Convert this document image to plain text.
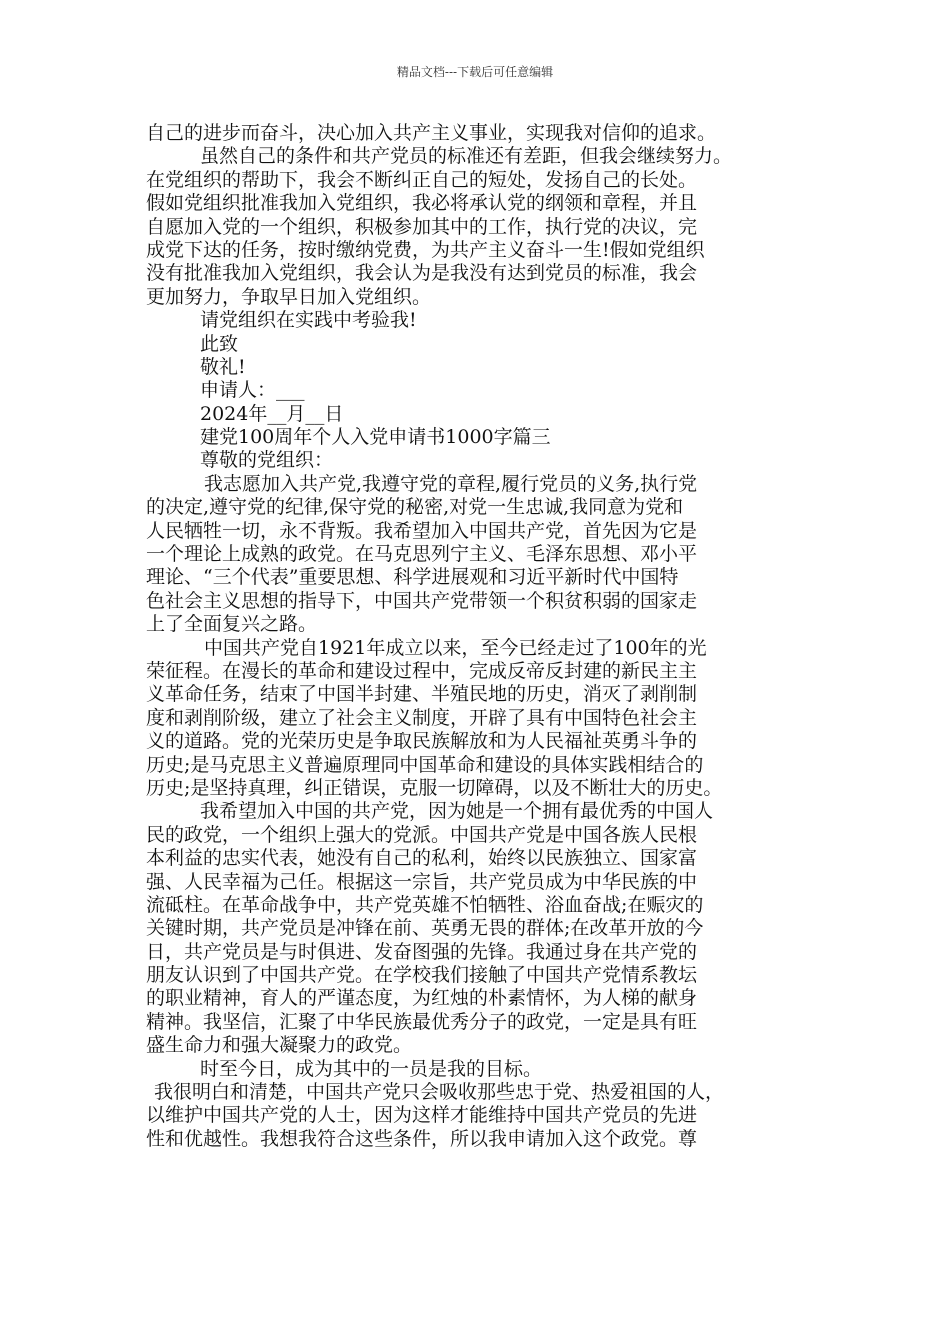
精品文档---下载后可任意编辑
自己的进步而奋斗，决心加入共产主义事业，实现我对信仰的追求。
虽然自己的条件和共产党员的标准还有差距，但我会继续努力。
在党组织的帮助下，我会不断纠正自己的短处，发扬自己的长处。
假如党组织批准我加入党组织，我必将承认党的纲领和章程，并且
自愿加入党的一个组织，积极参加其中的工作，执行党的决议，完
成党下达的任务，按时缴纳党费，为共产主义奋斗一生!假如党组织
没有批准我加入党组织，我会认为是我没有达到党员的标准，我会
更加努力，争取早日加入党组织。
请党组织在实践中考验我!
此致
敬礼!
申请人：___
2024年__月__日
建党100周年个人入党申请书1000字篇三
尊敬的党组织：
我志愿加入共产党,我遵守党的章程,履行党员的义务,执行党
的决定,遵守党的纪律,保守党的秘密,对党一生忠诚,我同意为党和
人民牺牲一切，永不背叛。我希望加入中国共产党，首先因为它是
一个理论上成熟的政党。在马克思列宁主义、毛泽东思想、邓小平
理论、“三个代表”重要思想、科学进展观和习近平新时代中国特
色社会主义思想的指导下，中国共产党带领一个积贫积弱的国家走
上了全面复兴之路。
中国共产党自1921年成立以来，至今已经走过了100年的光
荣征程。在漫长的革命和建设过程中，完成反帝反封建的新民主主
义革命任务，结束了中国半封建、半殖民地的历史，消灭了剥削制
度和剥削阶级，建立了社会主义制度，开辟了具有中国特色社会主
义的道路。党的光荣历史是争取民族解放和为人民福祉英勇斗争的
历史;是马克思主义普遍原理同中国革命和建设的具体实践相结合的
历史;是坚持真理，纠正错误，克服一切障碍，以及不断壮大的历史。
我希望加入中国的共产党，因为她是一个拥有最优秀的中国人
民的政党，一个组织上强大的党派。中国共产党是中国各族人民根
本利益的忠实代表，她没有自己的私利，始终以民族独立、国家富
强、人民幸福为己任。根据这一宗旨，共产党员成为中华民族的中
流砥柱。在革命战争中，共产党英雄不怕牺牲、浴血奋战;在赈灾的
关键时期，共产党员是冲锋在前、英勇无畏的群体;在改革开放的今
日，共产党员是与时俱进、发奋图强的先锋。我通过身在共产党的
朋友认识到了中国共产党。在学校我们接触了中国共产党情系教坛
的职业精神，育人的严谨态度，为红烛的朴素情怀，为人梯的献身
精神。我坚信，汇聚了中华民族最优秀分子的政党，一定是具有旺
盛生命力和强大凝聚力的政党。
时至今日，成为其中的一员是我的目标。
我很明白和清楚，中国共产党只会吸收那些忠于党、热爱祖国的人，
以维护中国共产党的人士，因为这样才能维持中国共产党员的先进
性和优越性。我想我符合这些条件，所以我申请加入这个政党。尊
